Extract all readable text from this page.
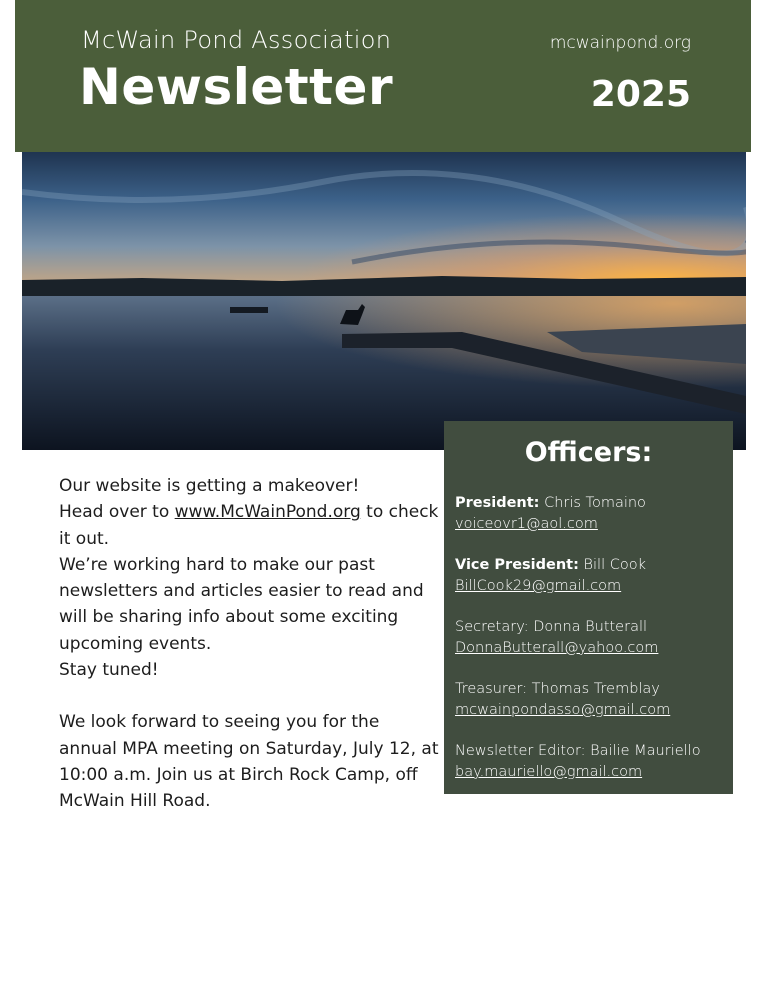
McWain Pond Association
Newsletter
mcwainpond.org
2025

Our website is getting a makeover!

Head over to www.McWainPond.org to check it out.

We’re working hard to make our past newsletters and articles easier to read and will be sharing info about some exciting upcoming events.

Stay tuned!

We look forward to seeing you for the annual MPA meeting on Saturday, July 12, at 10:00 a.m. Join us at Birch Rock Camp, off McWain Hill Road.

Officers:
President: Chris Tomaino
voiceovr1@aol.com
Vice President: Bill Cook
BillCook29@gmail.com
Secretary: Donna Butterall
DonnaButterall@yahoo.com
Treasurer: Thomas Tremblay
mcwainpondasso@gmail.com
Newsletter Editor: Bailie Mauriello
bay.mauriello@gmail.com
